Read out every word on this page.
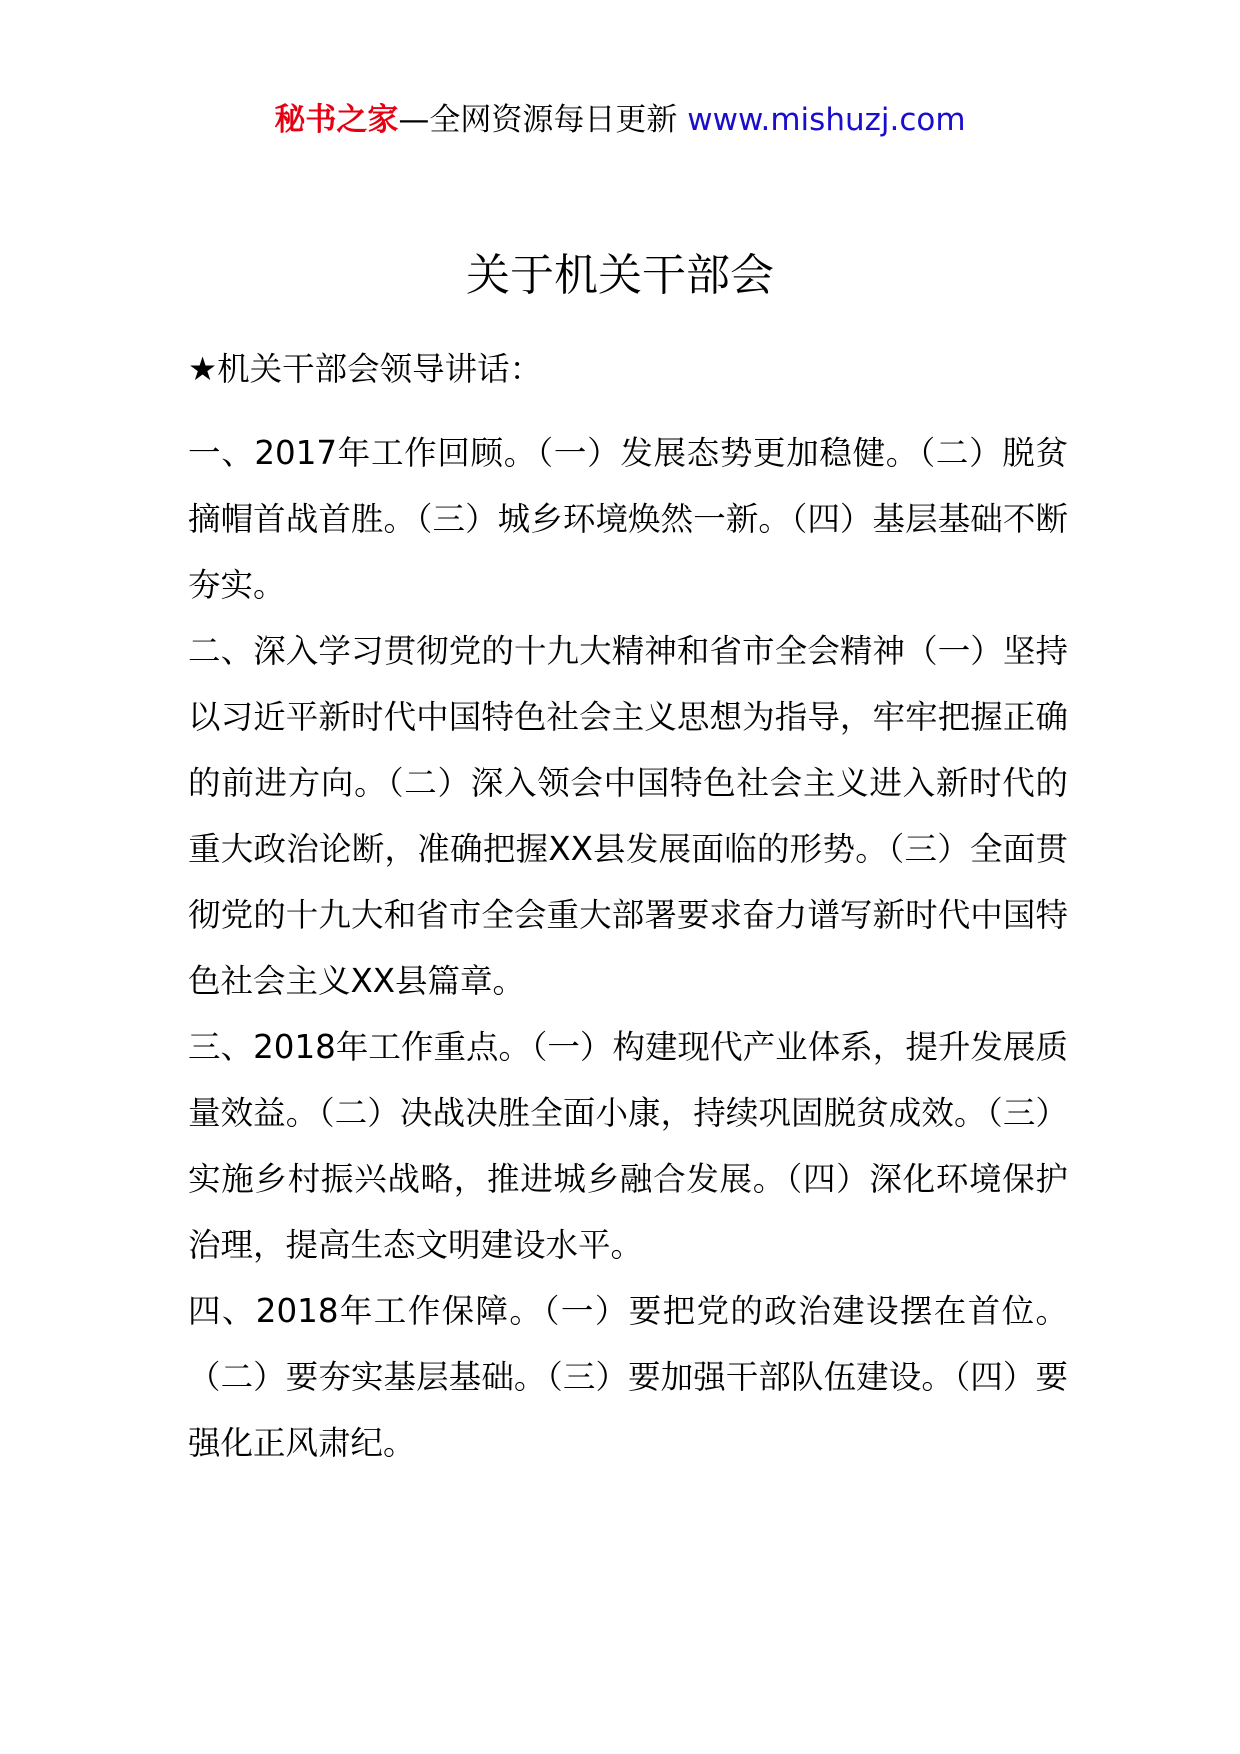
秘书之家—全网资源每日更新 www.mishuzj.com
关于机关干部会

★机关干部会领导讲话：

一、2017年工作回顾。（一）发展态势更加稳健。（二）脱贫摘帽首战首胜。（三）城乡环境焕然一新。（四）基层基础不断夯实。

二、深入学习贯彻党的十九大精神和省市全会精神（一）坚持以习近平新时代中国特色社会主义思想为指导，牢牢把握正确的前进方向。（二）深入领会中国特色社会主义进入新时代的重大政治论断，准确把握XX县发展面临的形势。（三）全面贯彻党的十九大和省市全会重大部署要求奋力谱写新时代中国特色社会主义XX县篇章。

三、2018年工作重点。（一）构建现代产业体系，提升发展质量效益。（二）决战决胜全面小康，持续巩固脱贫成效。（三）实施乡村振兴战略，推进城乡融合发展。（四）深化环境保护治理，提高生态文明建设水平。

四、2018年工作保障。（一）要把党的政治建设摆在首位。（二）要夯实基层基础。（三）要加强干部队伍建设。（四）要强化正风肃纪。
